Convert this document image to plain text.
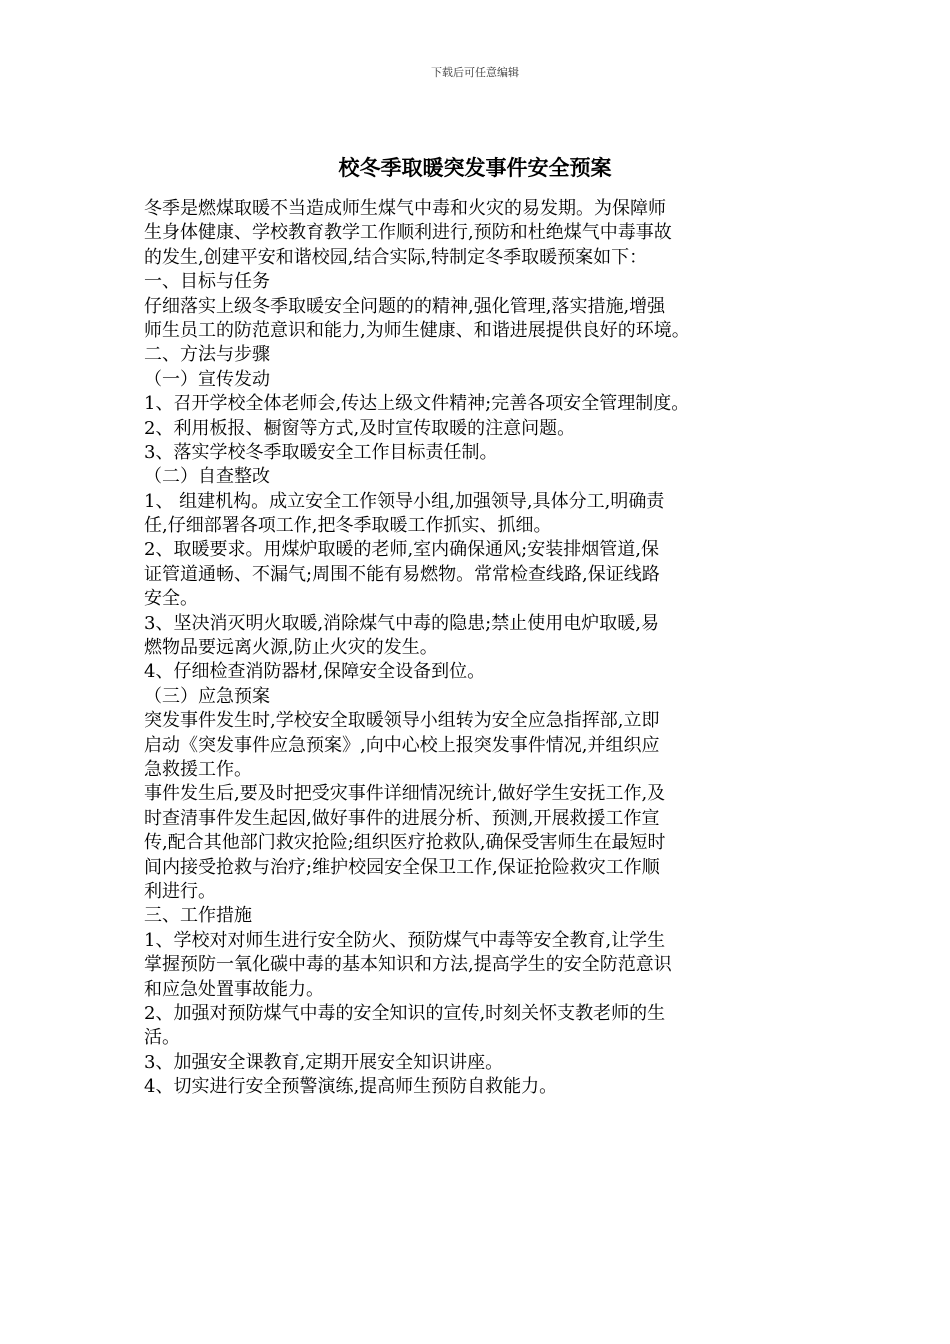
下载后可任意编辑
校冬季取暖突发事件安全预案
冬季是燃煤取暖不当造成师生煤气中毒和火灾的易发期。为保障师
生身体健康、学校教育教学工作顺利进行,预防和杜绝煤气中毒事故
的发生,创建平安和谐校园,结合实际,特制定冬季取暖预案如下：
一、目标与任务
仔细落实上级冬季取暖安全问题的的精神,强化管理,落实措施,增强
师生员工的防范意识和能力,为师生健康、和谐进展提供良好的环境。
二、方法与步骤
（一）宣传发动
1、召开学校全体老师会,传达上级文件精神;完善各项安全管理制度。
2、利用板报、橱窗等方式,及时宣传取暖的注意问题。
3、落实学校冬季取暖安全工作目标责任制。
（二）自查整改
1、 组建机构。成立安全工作领导小组,加强领导,具体分工,明确责
任,仔细部署各项工作,把冬季取暖工作抓实、抓细。
2、取暖要求。用煤炉取暖的老师,室内确保通风;安装排烟管道,保
证管道通畅、不漏气;周围不能有易燃物。常常检查线路,保证线路
安全。
3、坚决消灭明火取暖,消除煤气中毒的隐患;禁止使用电炉取暖,易
燃物品要远离火源,防止火灾的发生。
4、仔细检查消防器材,保障安全设备到位。
（三）应急预案
突发事件发生时,学校安全取暖领导小组转为安全应急指挥部,立即
启动《突发事件应急预案》,向中心校上报突发事件情况,并组织应
急救援工作。
事件发生后,要及时把受灾事件详细情况统计,做好学生安抚工作,及
时查清事件发生起因,做好事件的进展分析、预测,开展救援工作宣
传,配合其他部门救灾抢险;组织医疗抢救队,确保受害师生在最短时
间内接受抢救与治疗;维护校园安全保卫工作,保证抢险救灾工作顺
利进行。
三、工作措施
1、学校对对师生进行安全防火、预防煤气中毒等安全教育,让学生
掌握预防一氧化碳中毒的基本知识和方法,提高学生的安全防范意识
和应急处置事故能力。
2、加强对预防煤气中毒的安全知识的宣传,时刻关怀支教老师的生
活。
3、加强安全课教育,定期开展安全知识讲座。
4、切实进行安全预警演练,提高师生预防自救能力。
